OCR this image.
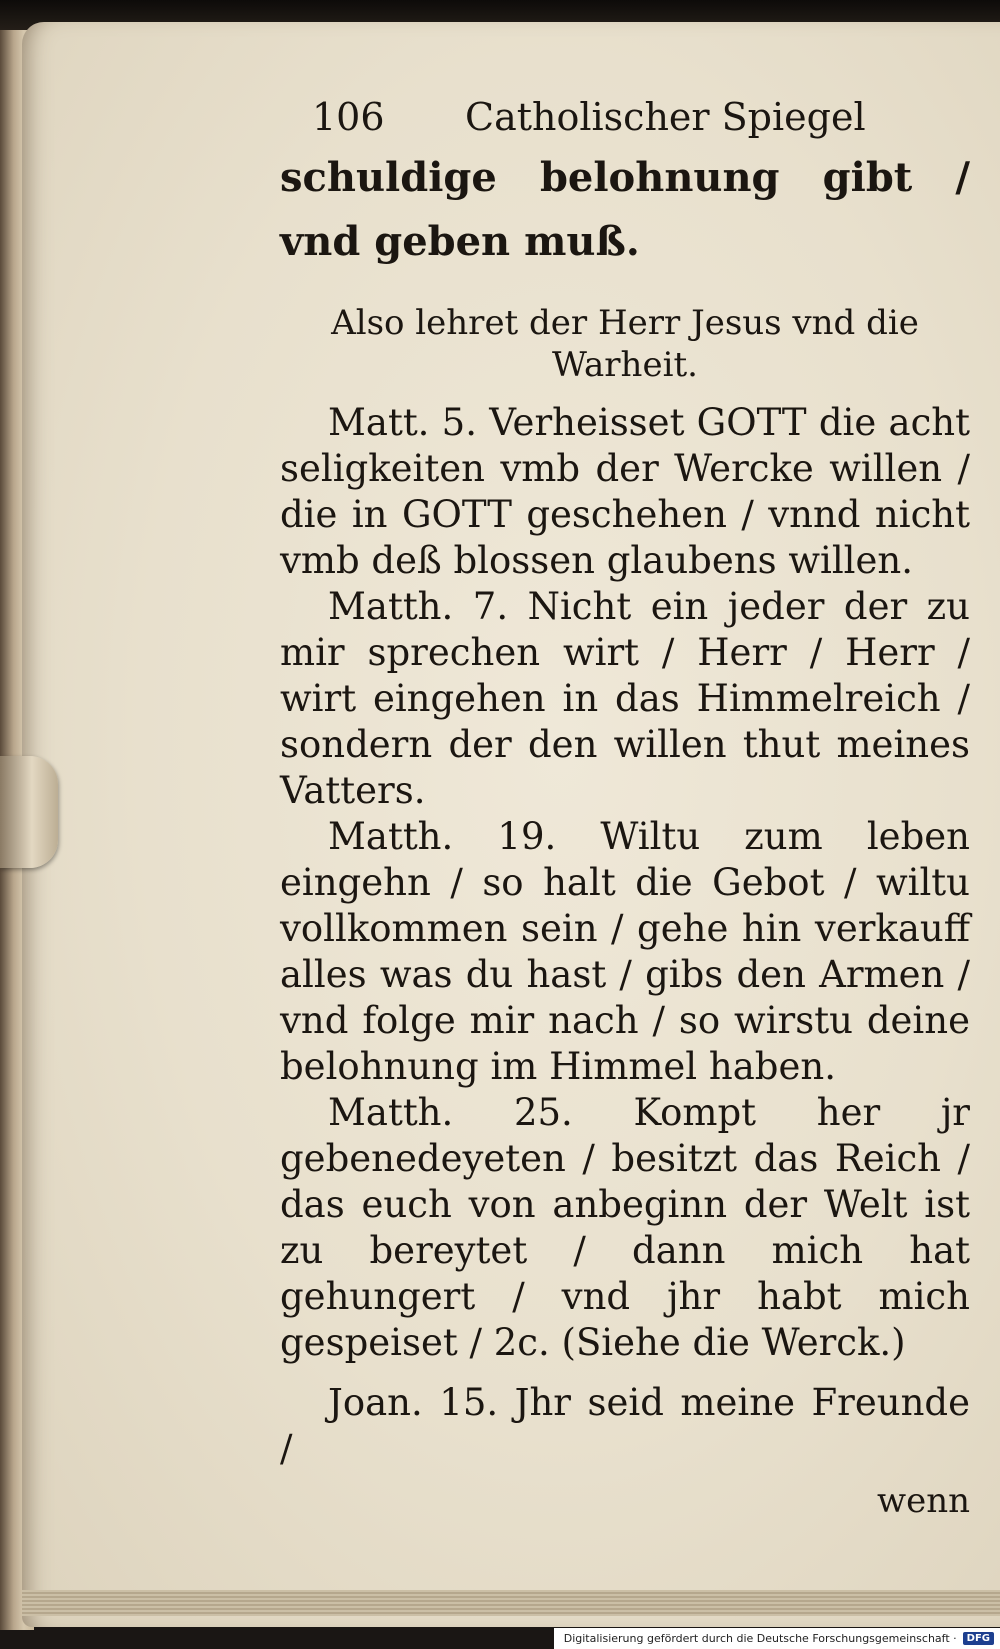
106 Catholischer Spiegel

schuldige belohnung gibt / vnd geben muß.

Also lehret der Herr Jesus vnd die Warheit.

Matt. 5. Verheisset GOTT die acht seligkeiten vmb der Wercke willen / die in GOTT geschehen / vnnd nicht vmb deß blossen glaubens willen.

Matth. 7. Nicht ein jeder der zu mir sprechen wirt / Herr / Herr / wirt eingehen in das Himmelreich / sondern der den willen thut meines Vatters.

Matth. 19. Wiltu zum leben eingehn / so halt die Gebot / wiltu vollkommen sein / gehe hin verkauff alles was du hast / gibs den Armen / vnd folge mir nach / so wirstu deine belohnung im Himmel haben.

Matth. 25. Kompt her jr gebenedeyeten / besitzt das Reich / das euch von anbeginn der Welt ist zu bereytet / dann mich hat gehungert / vnd jhr habt mich gespeiset / 2c. (Siehe die Werck.)

Joan. 15. Jhr seid meine Freunde /

wenn

Digitalisierung gefördert durch die Deutsche Forschungsgemeinschaft ·	DFG
